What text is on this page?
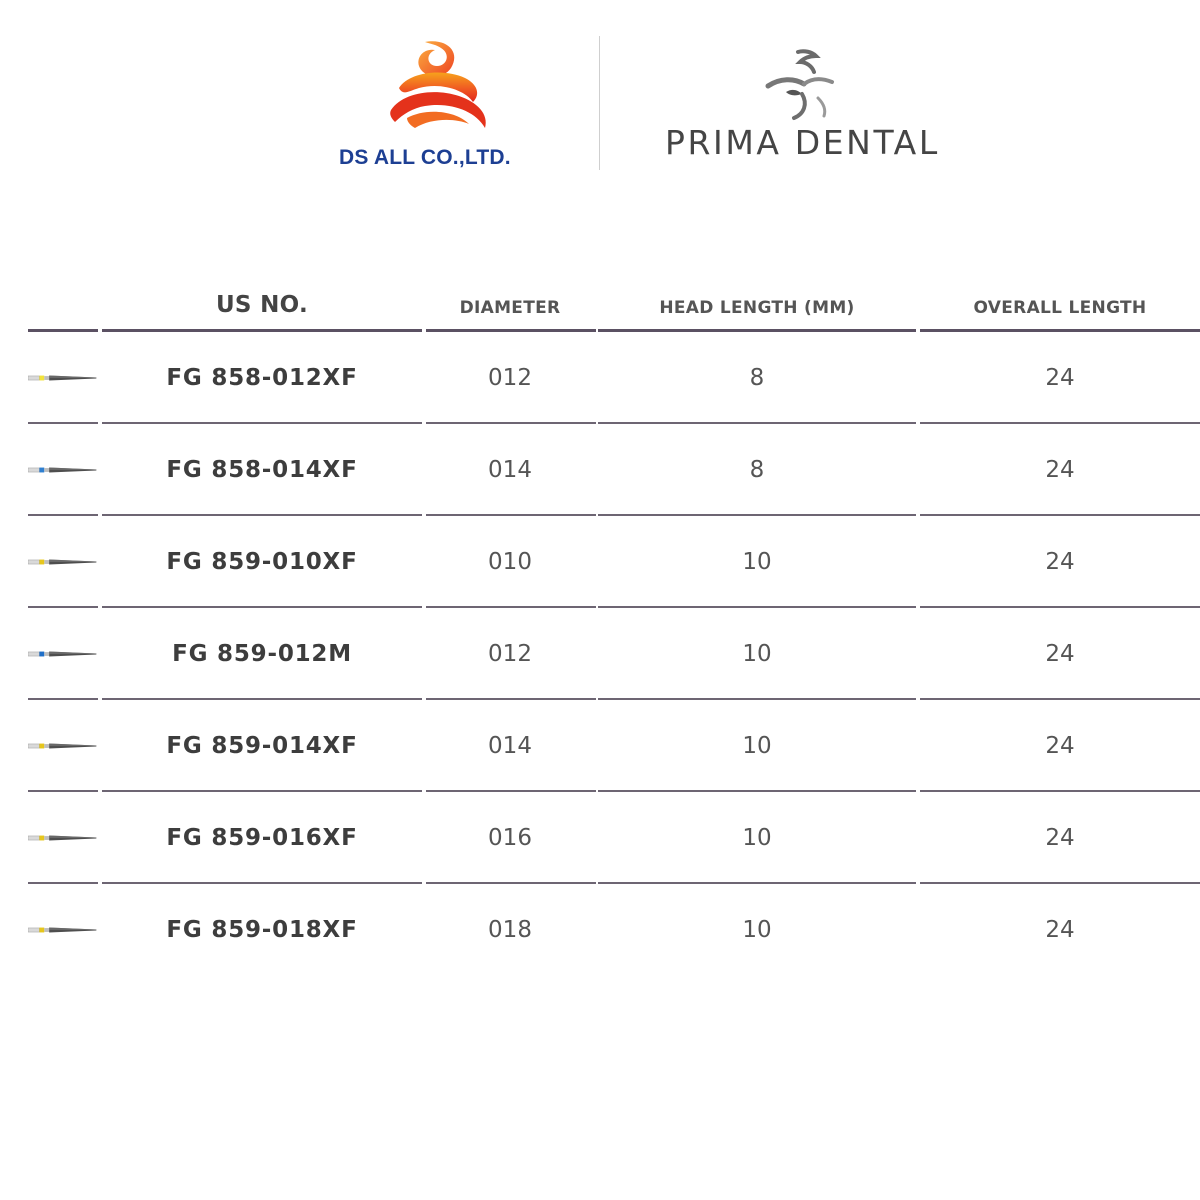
DS ALL CO.,LTD.	PRIMA DENTAL
US NO.	DIAMETER	HEAD LENGTH (MM)	OVERALL LENGTH
FG 858-012XF	012	8	24
FG 858-014XF	014	8	24
FG 859-010XF	010	10	24
FG 859-012M	012	10	24
FG 859-014XF	014	10	24
FG 859-016XF	016	10	24
FG 859-018XF	018	10	24
